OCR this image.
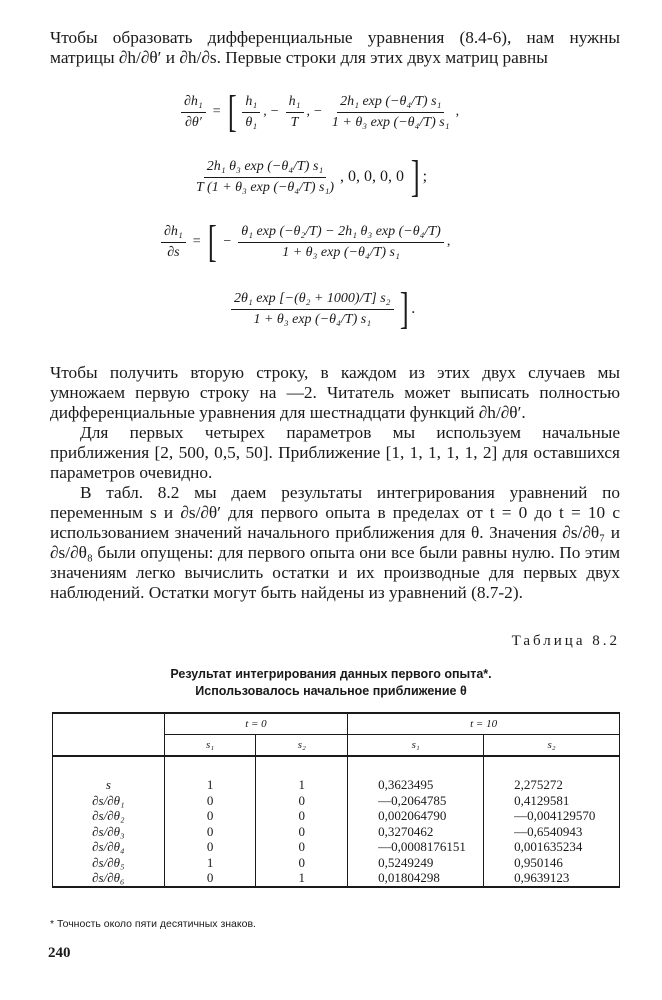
Чтобы образовать дифференциальные уравнения (8.4-6), нам нужны матрицы ∂h/∂θ′ и ∂h/∂s. Первые строки для этих двух матриц равны

$\frac{\text{∂h₁}}{\partial\theta'}$ = [ $\frac{\text{h₁}}{\text{θ₁}}$ , − $\frac{\text{h₁}}{T}$ , − $\frac{\text{2h₁ exp (−θ₄/T) s₁}}{\text{1 + θ₃ exp (−θ₄/T) s₁}}$ ,
$\frac{\text{2h₁ θ₃ exp (−θ₄/T) s₁}}{\text{T (1 + θ₃ exp (−θ₄/T) s₁)}}$ , 0, 0, 0, 0 ] ;
$\frac{\text{∂h₁}}{\partial s}$ = [ − $\frac{\text{θ₁ exp (−θ₂/T) − 2h₁ θ₃ exp (−θ₄/T)}}{\text{1 + θ₃ exp (−θ₄/T) s₁}}$ ,
$\frac{\text{2θ₁ exp [−(θ₂ + 1000)/T] s₂}}{\text{1 + θ₃ exp (−θ₄/T) s₁}}$ ] .

Чтобы получить вторую строку, в каждом из этих двух случаев мы умножаем первую строку на —2. Читатель может выписать полностью дифференциальные уравнения для шестнадцати функций ∂h/∂θ′.

Для первых четырех параметров мы используем начальные приближения [2, 500, 0,5, 50]. Приближение [1, 1, 1, 1, 1, 2] для оставшихся параметров очевидно.

В табл. 8.2 мы даем результаты интегрирования уравнений по переменным s и ∂s/∂θ′ для первого опыта в пределах от t = 0 до t = 10 с использованием значений начального приближения для θ. Значения ∂s/∂θ₇ и ∂s/∂θ₈ были опущены: для первого опыта они все были равны нулю. По этим значениям легко вычислить остатки и их производные для первых двух наблюдений. Остатки могут быть найдены из уравнений (8.7-2).

Таблица 8.2
Результат интегрирования данных первого опыта*.
Использовалось начальное приближение θ
	t = 0		t = 10	
	s₁	s₂	s₁	s₂

s	1	1	0,3623495	2,275272
∂s/∂θ₁	0	0	—0,2064785	0,4129581
∂s/∂θ₂	0	0	0,002064790	—0,004129570
∂s/∂θ₃	0	0	0,3270462	—0,6540943
∂s/∂θ₄	0	0	—0,0008176151	0,001635234
∂s/∂θ₅	1	0	0,5249249	0,950146
∂s/∂θ₆	0	1	0,01804298	0,9639123
* Точность около пяти десятичных знаков.
240
